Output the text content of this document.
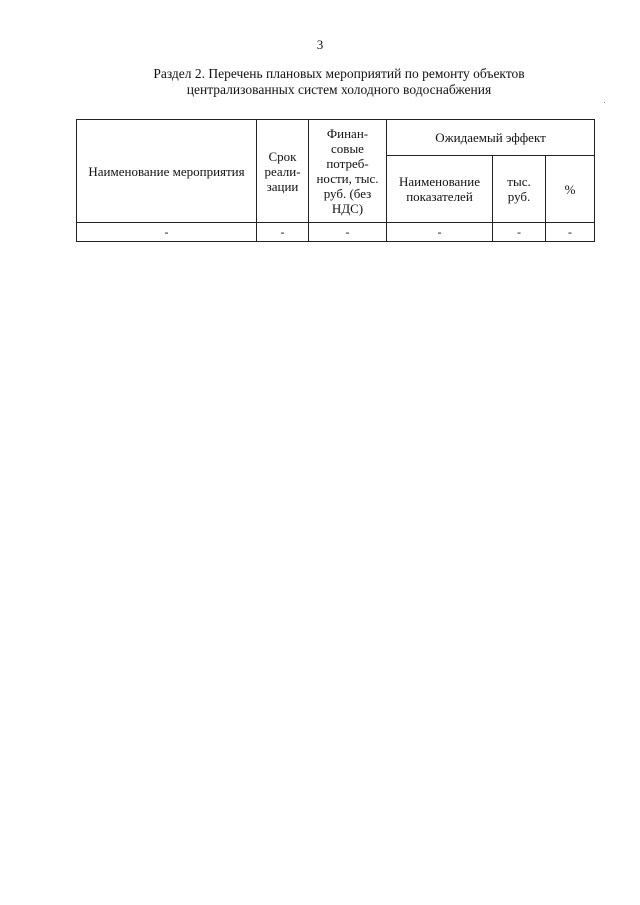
3
Раздел 2. Перечень плановых мероприятий по ремонту объектов
централизованных систем холодного водоснабжения
Наименование мероприятия	Срок реали-зации	Финан-совые потреб-ности, тыс. руб. (без НДС)	Ожидаемый эффект		
			Наименование показателей	тыс. руб.	%
-	-	-	-	-	-
